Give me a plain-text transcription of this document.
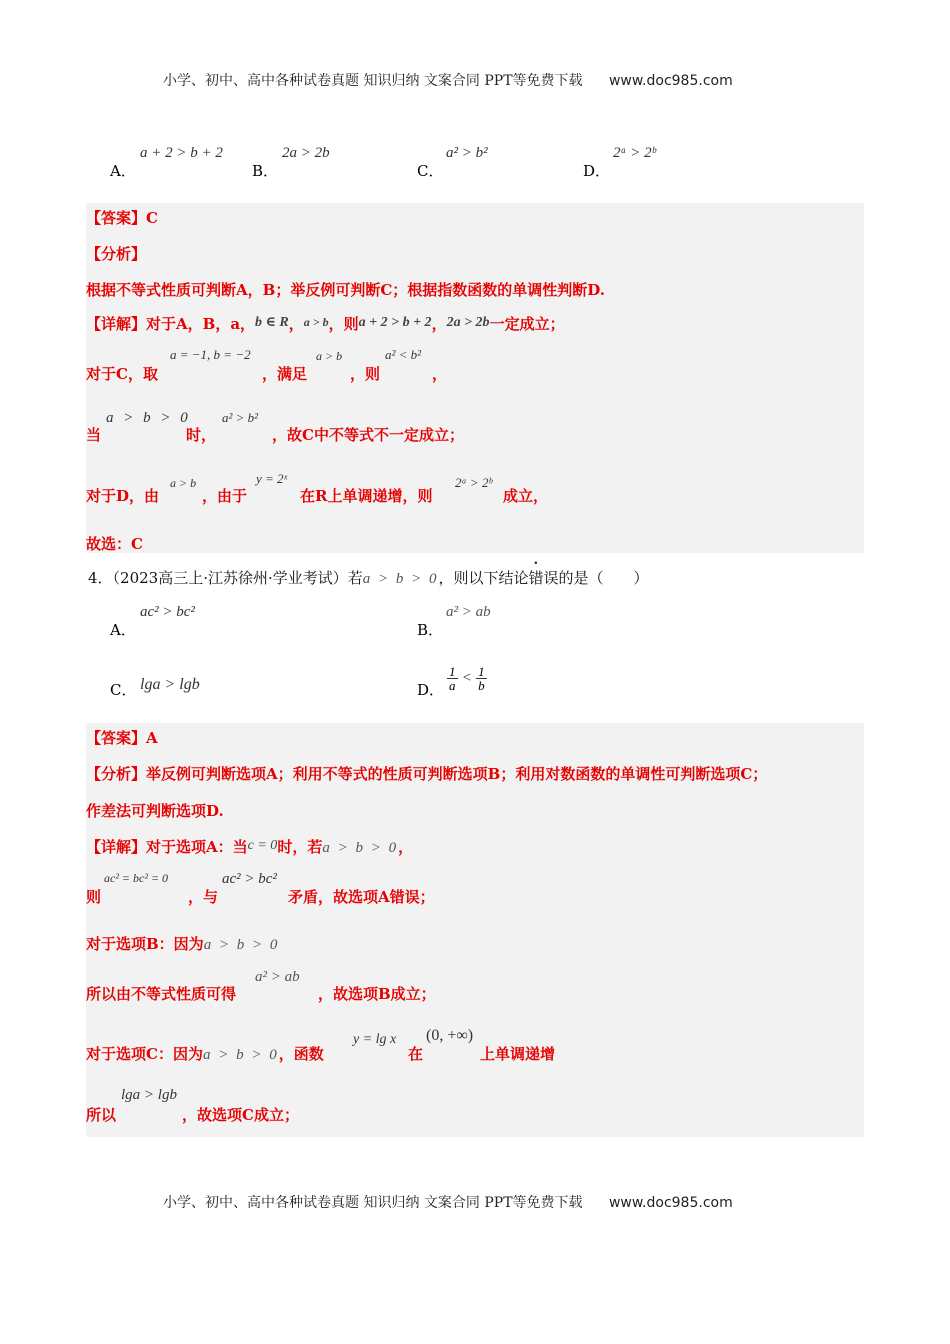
小学、初中、高中各种试卷真题 知识归纳 文案合同 PPT等免费下载 www.doc985.com
A．
a + 2 > b + 2
B．
2a > 2b
C．
a² > b²
D．
2ᵃ > 2ᵇ
【答案】C
【分析】
根据不等式性质可判断A，B；举反例可判断C；根据指数函数的单调性判断D.
【详解】对于A，B，a，b ∈ R，$^{a > b}$，则a + 2 > b + 2，2a > 2b一定成立；
对于C，取
a = −1, b = −2
，满足
a > b
，则
a² < b²
，
当
a > b > 0
时，
a² > b²
，故C中不等式不一定成立；
对于D，由
a > b
，由于
y = 2ˣ
在R上单调递增，则
2ᵃ > 2ᵇ
成立，
故选：C
4．（2023高三上·江苏徐州·学业考试）若a > b > 0，则以下结论错误的是（　　）
A．
ac² > bc²
B．
a² > ab
C． lga > lgb	D． $\frac{1}{a} < \frac{1}{b}$
【答案】A
【分析】举反例可判断选项A；利用不等式的性质可判断选项B；利用对数函数的单调性可判断选项C；
作差法可判断选项D.
【详解】对于选项A：当c = 0时，若a > b > 0，
则
ac² = bc² = 0
，与
ac² > bc²
矛盾，故选项A错误；
对于选项B：因为a > b > 0
所以由不等式性质可得
a² > ab
，故选项B成立；
对于选项C：因为a > b > 0，函数
y = lg x
在
(0, +∞)
上单调递增
所以
lga > lgb
，故选项C成立；
小学、初中、高中各种试卷真题 知识归纳 文案合同 PPT等免费下载 www.doc985.com
